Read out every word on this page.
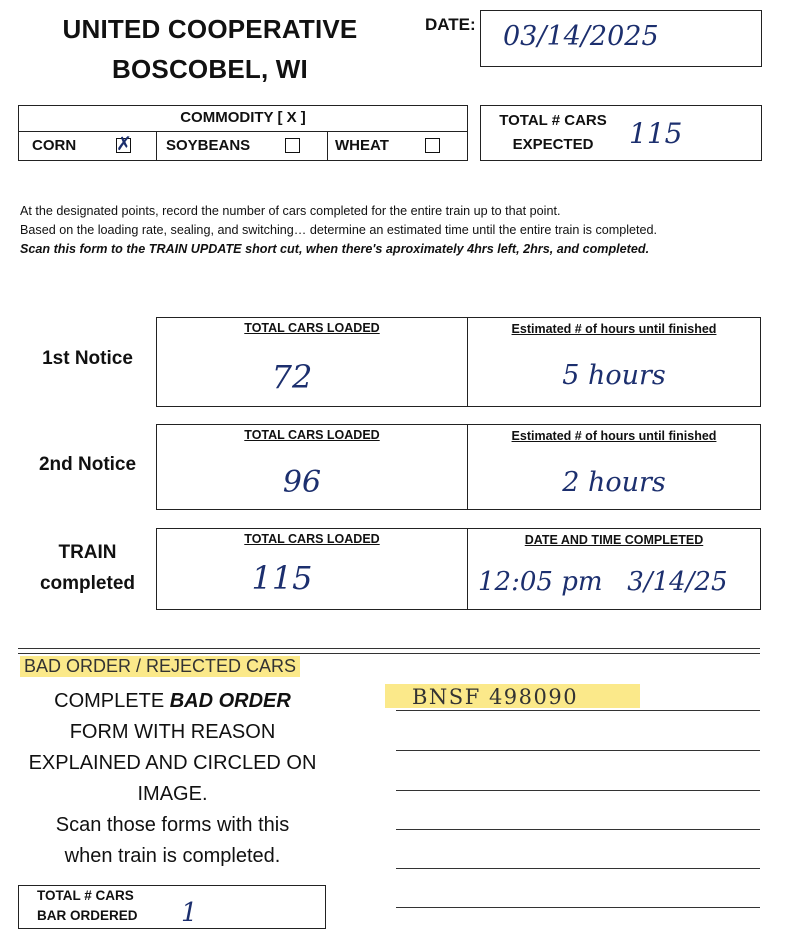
UNITED COOPERATIVE
BOSCOBEL, WI
DATE: 03/14/2025
COMMODITY [ X ]
CORN ✗ SOYBEANS	WHEAT
TOTAL # CARS
EXPECTED	115
At the designated points, record the number of cars completed for the entire train up to that point.
Based on the loading rate, sealing, and switching… determine an estimated time until the entire train is completed.
Scan this form to the TRAIN UPDATE short cut, when there's aproximately 4hrs left, 2hrs, and completed.
1st Notice
TOTAL CARS LOADED
72
Estimated # of hours until finished
5 hours
2nd Notice
TOTAL CARS LOADED
96
Estimated # of hours until finished
2 hours
TRAIN
completed
TOTAL CARS LOADED
115
DATE AND TIME COMPLETED
12:05 pm   3/14/25
BAD ORDER / REJECTED CARS
COMPLETE BAD ORDER
FORM WITH REASON
EXPLAINED AND CIRCLED ON
IMAGE.
Scan those forms with this
when train is completed.
BNSF 498090
TOTAL # CARS
BAR ORDERED 1
